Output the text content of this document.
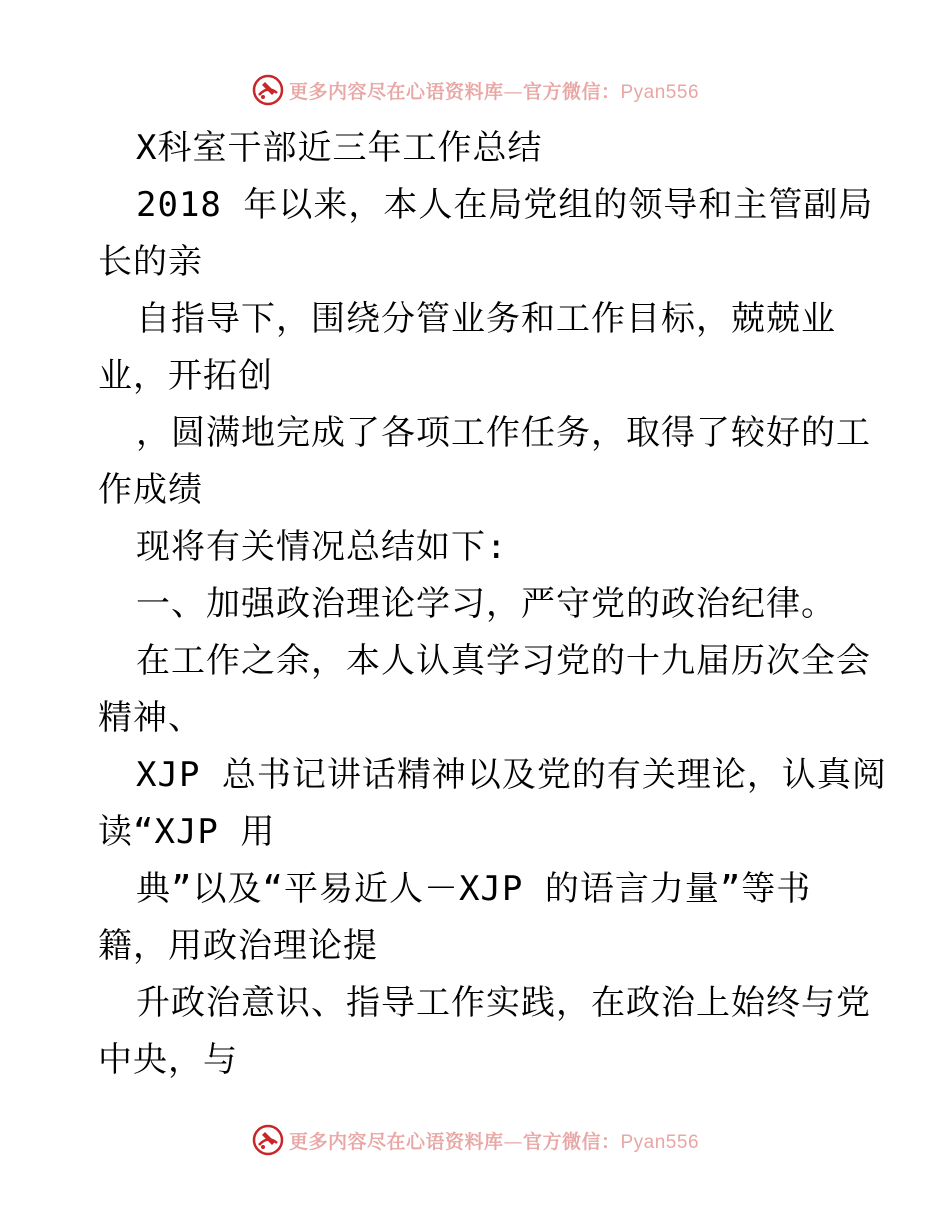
更多内容尽在心语资料库—官方微信：Pyan556
X科室干部近三年工作总结
2018 年以来，本人在局党组的领导和主管副局
长的亲
自指导下，围绕分管业务和工作目标，兢兢业
业，开拓创
，圆满地完成了各项工作任务，取得了较好的工
作成绩
现将有关情况总结如下:
一、加强政治理论学习，严守党的政治纪律。
在工作之余，本人认真学习党的十九届历次全会
精神、
XJP 总书记讲话精神以及党的有关理论，认真阅
读“XJP 用
典”以及“平易近人－XJP 的语言力量”等书
籍，用政治理论提
升政治意识、指导工作实践，在政治上始终与党
中央，与
更多内容尽在心语资料库—官方微信：Pyan556
